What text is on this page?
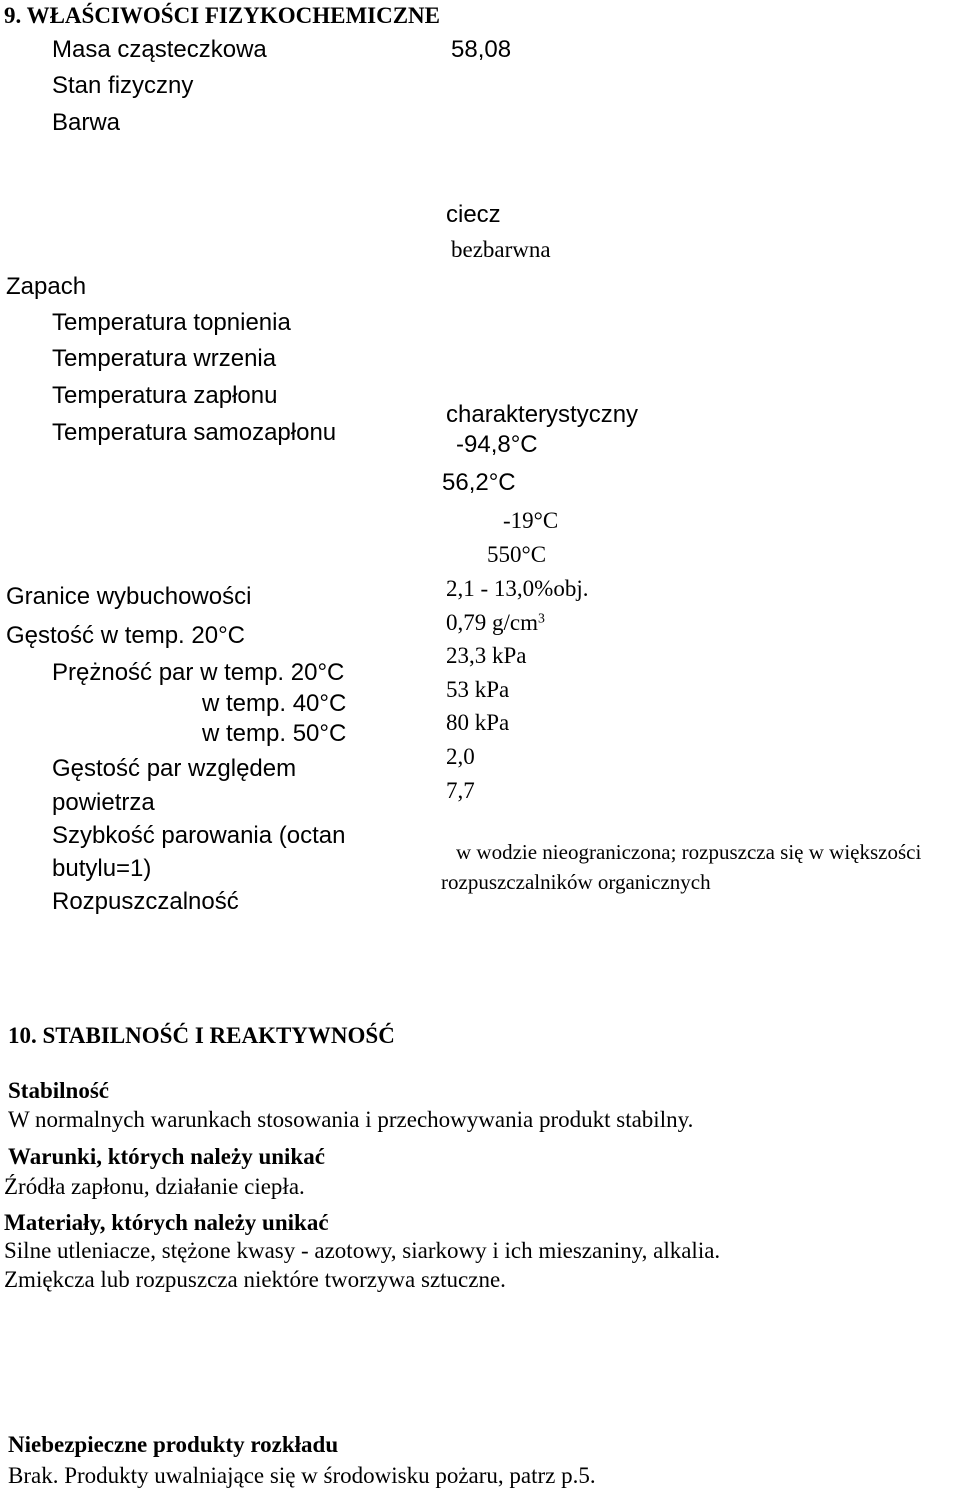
9. WŁAŚCIWOŚCI FIZYKOCHEMICZNE
Masa cząsteczkowa
Stan fizyczny
Barwa
Zapach
Temperatura topnienia
Temperatura wrzenia
Temperatura zapłonu
Temperatura samozapłonu
Granice wybuchowości
Gęstość w temp. 20°C
Prężność par w temp. 20°C
w temp. 40°C
w temp. 50°C
Gęstość par względem
powietrza
Szybkość parowania (octan
butylu=1)
Rozpuszczalność
58,08
ciecz
bezbarwna
charakterystyczny
-94,8°C
56,2°C
-19°C
550°C
2,1 - 13,0%obj.
0,79 $g/cm^3$
23,3 kPa
53 kPa
80 kPa
2,0
7,7
w wodzie nieograniczona; rozpuszcza się w większości
rozpuszczalników organicznych
10. STABILNOŚĆ I REAKTYWNOŚĆ
Stabilność
W normalnych warunkach stosowania i przechowywania produkt stabilny.
Warunki, których należy unikać
Źródła zapłonu, działanie ciepła.
Materiały, których należy unikać
Silne utleniacze, stężone kwasy - azotowy, siarkowy i ich mieszaniny, alkalia.
Zmiękcza lub rozpuszcza niektóre tworzywa sztuczne.
Niebezpieczne produkty rozkładu
Brak. Produkty uwalniające się w środowisku pożaru, patrz p.5.
